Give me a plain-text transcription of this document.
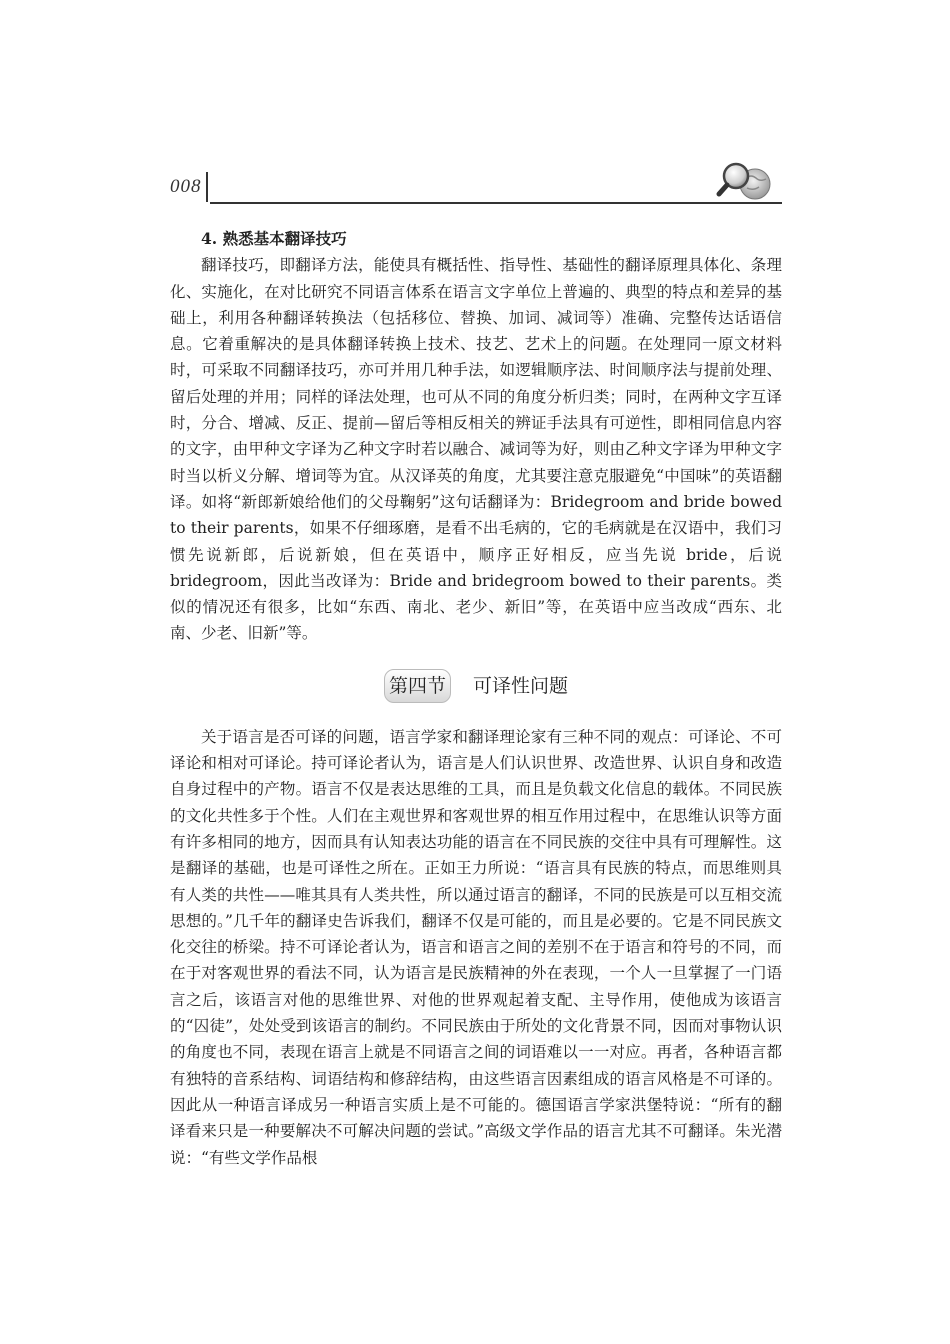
008

4. 熟悉基本翻译技巧

翻译技巧，即翻译方法，能使具有概括性、指导性、基础性的翻译原理具体化、条理化、实施化，在对比研究不同语言体系在语言文字单位上普遍的、典型的特点和差异的基础上，利用各种翻译转换法（包括移位、替换、加词、减词等）准确、完整传达话语信息。它着重解决的是具体翻译转换上技术、技艺、艺术上的问题。在处理同一原文材料时，可采取不同翻译技巧，亦可并用几种手法，如逻辑顺序法、时间顺序法与提前处理、留后处理的并用；同样的译法处理，也可从不同的角度分析归类；同时，在两种文字互译时，分合、增减、反正、提前—留后等相反相关的辨证手法具有可逆性，即相同信息内容的文字，由甲种文字译为乙种文字时若以融合、减词等为好，则由乙种文字译为甲种文字时当以析义分解、增词等为宜。从汉译英的角度，尤其要注意克服避免“中国味”的英语翻译。如将“新郎新娘给他们的父母鞠躬”这句话翻译为：Bridegroom and bride bowed to their parents，如果不仔细琢磨，是看不出毛病的，它的毛病就是在汉语中，我们习惯先说新郎，后说新娘，但在英语中，顺序正好相反，应当先说 bride，后说 bridegroom，因此当改译为：Bride and bridegroom bowed to their parents。类似的情况还有很多，比如“东西、南北、老少、新旧”等，在英语中应当改成“西东、北南、少老、旧新”等。

第四节 可译性问题

关于语言是否可译的问题，语言学家和翻译理论家有三种不同的观点：可译论、不可译论和相对可译论。持可译论者认为，语言是人们认识世界、改造世界、认识自身和改造自身过程中的产物。语言不仅是表达思维的工具，而且是负载文化信息的载体。不同民族的文化共性多于个性。人们在主观世界和客观世界的相互作用过程中，在思维认识等方面有许多相同的地方，因而具有认知表达功能的语言在不同民族的交往中具有可理解性。这是翻译的基础，也是可译性之所在。正如王力所说：“语言具有民族的特点，而思维则具有人类的共性——唯其具有人类共性，所以通过语言的翻译，不同的民族是可以互相交流思想的。”几千年的翻译史告诉我们，翻译不仅是可能的，而且是必要的。它是不同民族文化交往的桥梁。持不可译论者认为，语言和语言之间的差别不在于语言和符号的不同，而在于对客观世界的看法不同，认为语言是民族精神的外在表现，一个人一旦掌握了一门语言之后，该语言对他的思维世界、对他的世界观起着支配、主导作用，使他成为该语言的“囚徒”，处处受到该语言的制约。不同民族由于所处的文化背景不同，因而对事物认识的角度也不同，表现在语言上就是不同语言之间的词语难以一一对应。再者，各种语言都有独特的音系结构、词语结构和修辞结构，由这些语言因素组成的语言风格是不可译的。因此从一种语言译成另一种语言实质上是不可能的。德国语言学家洪堡特说：“所有的翻译看来只是一种要解决不可解决问题的尝试。”高级文学作品的语言尤其不可翻译。朱光潜说：“有些文学作品根
